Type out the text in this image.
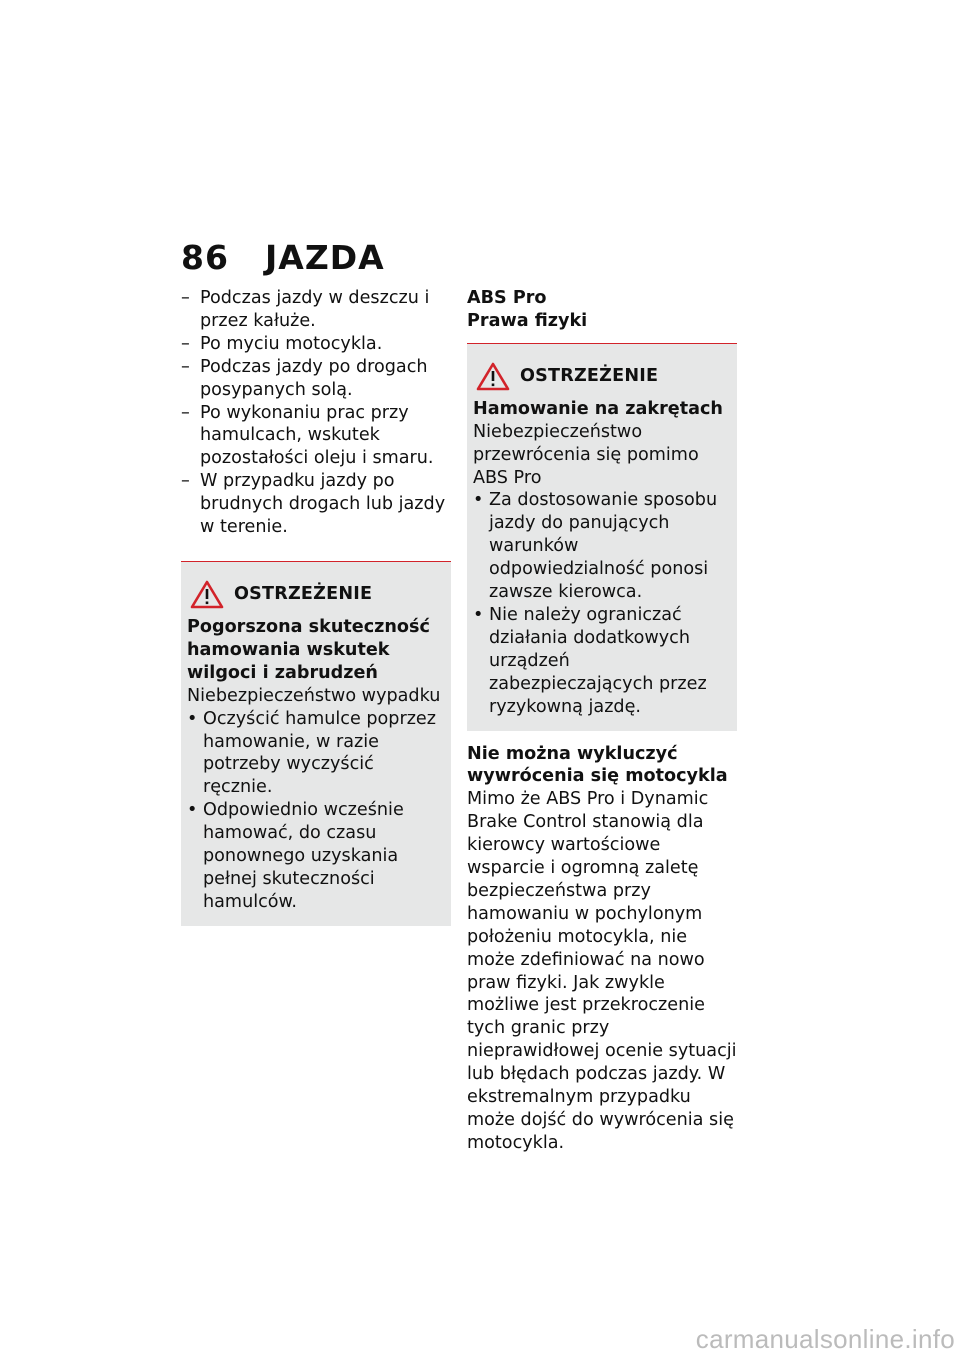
86 JAZDA
– Podczas jazdy w deszczu i przez kałuże.
– Po myciu motocykla.
– Podczas jazdy po drogach posypanych solą.
– Po wykonaniu prac przy hamulcach, wskutek pozostałości oleju i smaru.
– W przypadku jazdy po brudnych drogach lub jazdy w terenie.
OSTRZEŻENIE
Pogorszona skuteczność hamowania wskutek wilgoci i zabrudzeń
Niebezpieczeństwo wypadku
• Oczyścić hamulce poprzez hamowanie, w razie potrzeby wyczyścić ręcznie.
• Odpowiednio wcześnie hamować, do czasu ponownego uzyskania pełnej skuteczności hamulców.
ABS Pro
Prawa fizyki
OSTRZEŻENIE
Hamowanie na zakrętach
Niebezpieczeństwo przewrócenia się pomimo ABS Pro
• Za dostosowanie sposobu jazdy do panujących warunków odpowiedzialność ponosi zawsze kierowca.
• Nie należy ograniczać działania dodatkowych urządzeń zabezpieczających przez ryzykowną jazdę.
Nie można wykluczyć wywrócenia się motocykla
Mimo że ABS Pro i Dynamic Brake Control stanowią dla kierowcy wartościowe wsparcie i ogromną zaletę bezpieczeństwa przy hamowaniu w pochylonym położeniu motocykla, nie może zdefiniować na nowo praw fizyki. Jak zwykle możliwe jest przekroczenie tych granic przy nieprawidłowej ocenie sytuacji lub błędach podczas jazdy. W ekstremalnym przypadku może dojść do wywrócenia się motocykla.
carmanualsonline.info
